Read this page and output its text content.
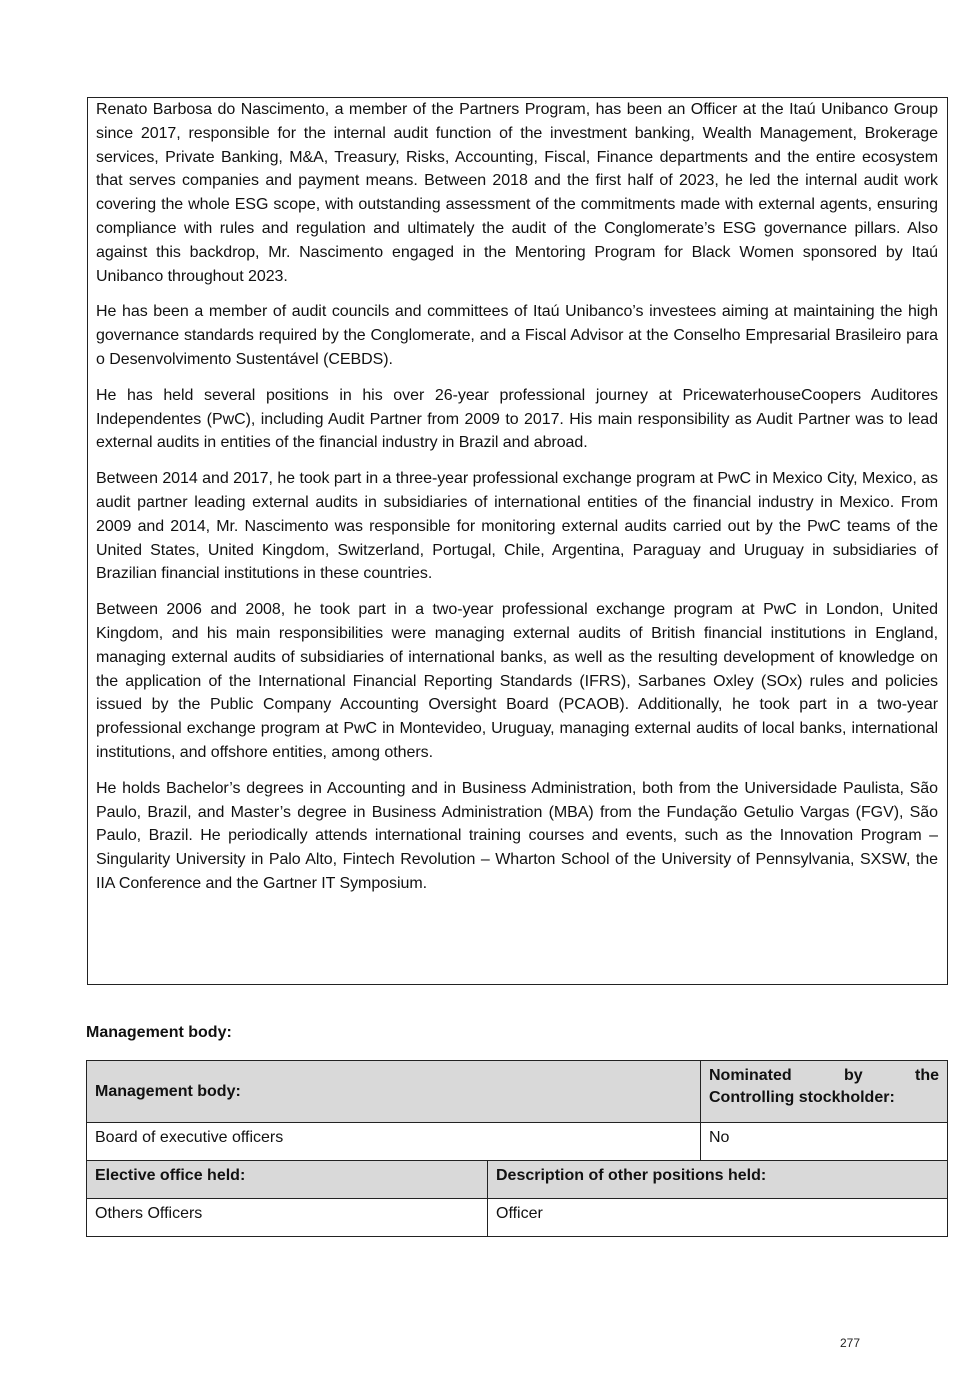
Renato Barbosa do Nascimento, a member of the Partners Program, has been an Officer at the Itaú Unibanco Group since 2017, responsible for the internal audit function of the investment banking, Wealth Management, Brokerage services, Private Banking, M&A, Treasury, Risks, Accounting, Fiscal, Finance departments and the entire ecosystem that serves companies and payment means. Between 2018 and the first half of 2023, he led the internal audit work covering the whole ESG scope, with outstanding assessment of the commitments made with external agents, ensuring compliance with rules and regulation and ultimately the audit of the Conglomerate’s ESG governance pillars. Also against this backdrop, Mr. Nascimento engaged in the Mentoring Program for Black Women sponsored by Itaú Unibanco throughout 2023.

He has been a member of audit councils and committees of Itaú Unibanco’s investees aiming at maintaining the high governance standards required by the Conglomerate, and a Fiscal Advisor at the Conselho Empresarial Brasileiro para o Desenvolvimento Sustentável (CEBDS).

He has held several positions in his over 26-year professional journey at PricewaterhouseCoopers Auditores Independentes (PwC), including Audit Partner from 2009 to 2017. His main responsibility as Audit Partner was to lead external audits in entities of the financial industry in Brazil and abroad.

Between 2014 and 2017, he took part in a three-year professional exchange program at PwC in Mexico City, Mexico, as audit partner leading external audits in subsidiaries of international entities of the financial industry in Mexico. From 2009 and 2014, Mr. Nascimento was responsible for monitoring external audits carried out by the PwC teams of the United States, United Kingdom, Switzerland, Portugal, Chile, Argentina, Paraguay and Uruguay in subsidiaries of Brazilian financial institutions in these countries.

Between 2006 and 2008, he took part in a two-year professional exchange program at PwC in London, United Kingdom, and his main responsibilities were managing external audits of British financial institutions in England, managing external audits of subsidiaries of international banks, as well as the resulting development of knowledge on the application of the International Financial Reporting Standards (IFRS), Sarbanes Oxley (SOx) rules and policies issued by the Public Company Accounting Oversight Board (PCAOB). Additionally, he took part in a two-year professional exchange program at PwC in Montevideo, Uruguay, managing external audits of local banks, international institutions, and offshore entities, among others.

He holds Bachelor’s degrees in Accounting and in Business Administration, both from the Universidade Paulista, São Paulo, Brazil, and Master’s degree in Business Administration (MBA) from the Fundação Getulio Vargas (FGV), São Paulo, Brazil. He periodically attends international training courses and events, such as the Innovation Program – Singularity University in Palo Alto, Fintech Revolution – Wharton School of the University of Pennsylvania, SXSW, the IIA Conference and the Gartner IT Symposium.

Management body:
Management body:	Nominated by the
Controlling stockholder:

Board of executive officers	No
Elective office held:	Description of other positions held:
Others Officers	Officer
277
